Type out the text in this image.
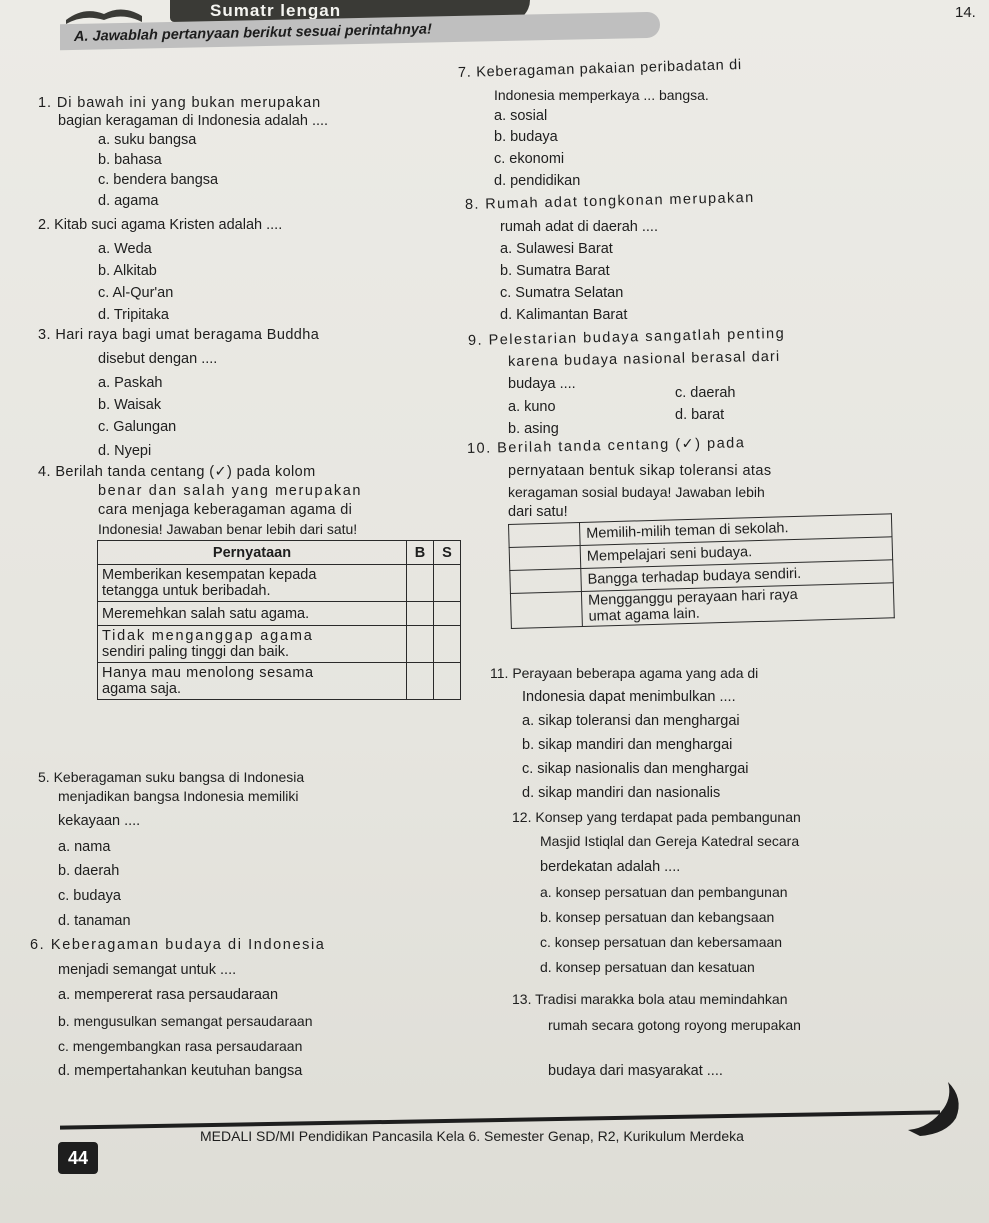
Sumatr lengan	14.
A. Jawablah pertanyaan berikut sesuai perintahnya!
1. Di bawah ini yang bukan merupakan
bagian keragaman di Indonesia adalah ....
a. suku bangsa
b. bahasa
c. bendera bangsa
d. agama
2. Kitab suci agama Kristen adalah ....
a. Weda
b. Alkitab
c. Al-Qur'an
d. Tripitaka
3. Hari raya bagi umat beragama Buddha
disebut dengan ....
a. Paskah
b. Waisak
c. Galungan
d. Nyepi
4. Berilah tanda centang (✓) pada kolom
benar dan salah yang merupakan
cara menjaga keberagaman agama di
Indonesia! Jawaban benar lebih dari satu!
Pernyataan	B	S

Memberikan kesempatan kepada
tetangga untuk beribadah.		

Meremehkan salah satu agama.		

Tidak menganggap agama
sendiri paling tinggi dan baik.		

Hanya mau menolong sesama
agama saja.		

5. Keberagaman suku bangsa di Indonesia
menjadikan bangsa Indonesia memiliki
kekayaan ....
a. nama
b. daerah
c. budaya
d. tanaman
6. Keberagaman budaya di Indonesia
menjadi semangat untuk ....
a. mempererat rasa persaudaraan
b. mengusulkan semangat persaudaraan
c. mengembangkan rasa persaudaraan
d. mempertahankan keutuhan bangsa
7. Keberagaman pakaian peribadatan di
Indonesia memperkaya ... bangsa.
a. sosial
b. budaya
c. ekonomi
d. pendidikan
8. Rumah adat tongkonan merupakan
rumah adat di daerah ....
a. Sulawesi Barat
b. Sumatra Barat
c. Sumatra Selatan
d. Kalimantan Barat
9. Pelestarian budaya sangatlah penting
karena budaya nasional berasal dari
budaya ....
a. kuno
b. asing
c. daerah
d. barat
10. Berilah tanda centang (✓) pada
pernyataan bentuk sikap toleransi atas
keragaman sosial budaya! Jawaban lebih
dari satu!
	Memilih-milih teman di sekolah.
	Mempelajari seni budaya.
	Bangga terhadap budaya sendiri.

	Mengganggu perayaan hari raya
umat agama lain.
11. Perayaan beberapa agama yang ada di
Indonesia dapat menimbulkan ....
a. sikap toleransi dan menghargai
b. sikap mandiri dan menghargai
c. sikap nasionalis dan menghargai
d. sikap mandiri dan nasionalis
12. Konsep yang terdapat pada pembangunan
Masjid Istiqlal dan Gereja Katedral secara
berdekatan adalah ....
a. konsep persatuan dan pembangunan
b. konsep persatuan dan kebangsaan
c. konsep persatuan dan kebersamaan
d. konsep persatuan dan kesatuan
13. Tradisi marakka bola atau memindahkan
rumah secara gotong royong merupakan
budaya dari masyarakat ....
44
MEDALI SD/MI Pendidikan Pancasila Kela 6. Semester Genap, R2, Kurikulum Merdeka
